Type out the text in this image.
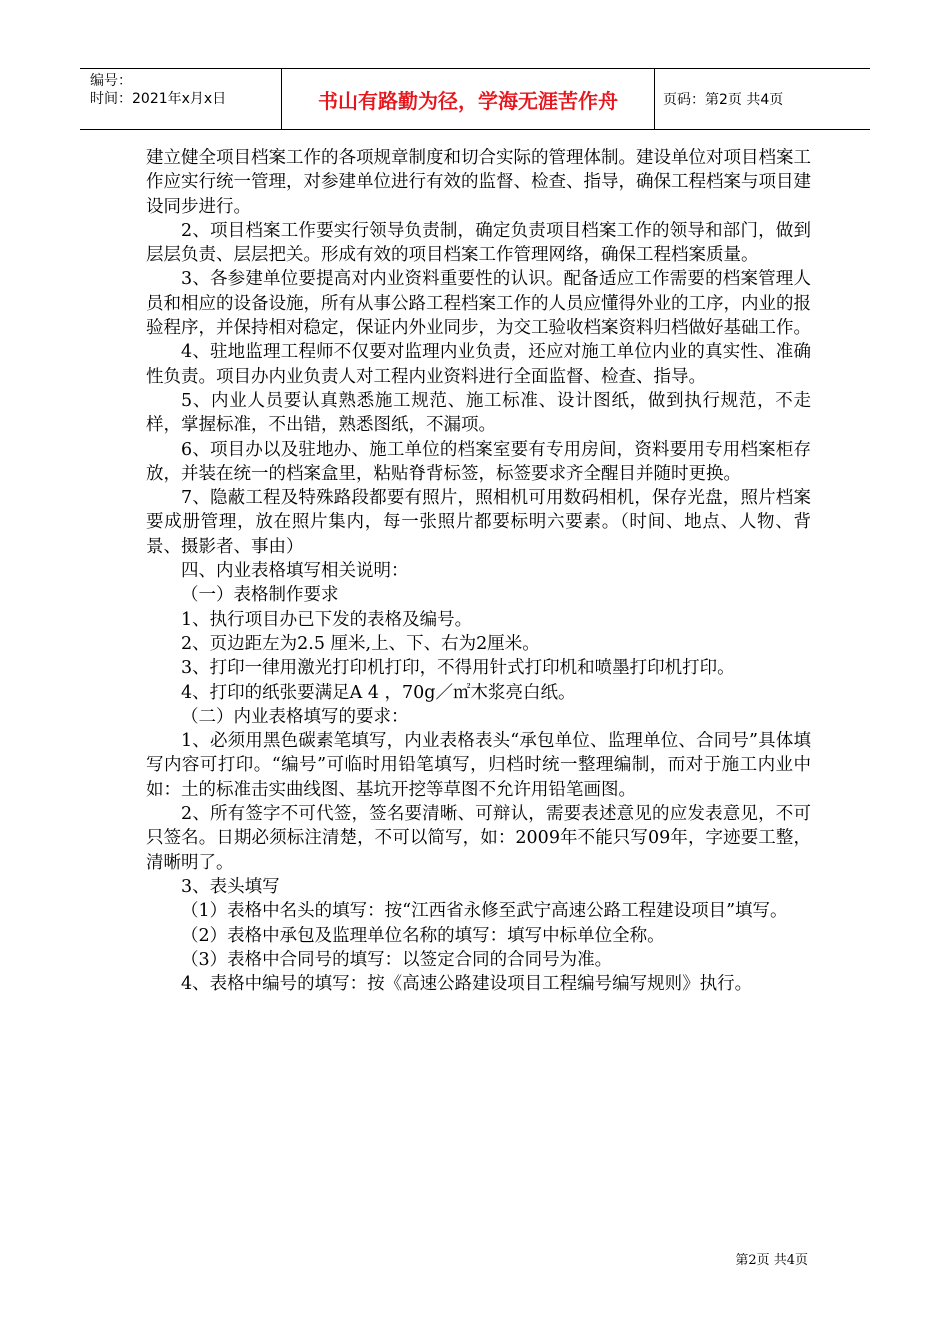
编号：
时间：2021年x月x日	书山有路勤为径，学海无涯苦作舟	页码：第2页 共4页

建立健全项目档案工作的各项规章制度和切合实际的管理体制。建设单位对项目档案工作应实行统一管理，对参建单位进行有效的监督、检查、指导，确保工程档案与项目建设同步进行。

2、项目档案工作要实行领导负责制，确定负责项目档案工作的领导和部门，做到层层负责、层层把关。形成有效的项目档案工作管理网络，确保工程档案质量。

3、各参建单位要提高对内业资料重要性的认识。配备适应工作需要的档案管理人员和相应的设备设施，所有从事公路工程档案工作的人员应懂得外业的工序，内业的报验程序，并保持相对稳定，保证内外业同步，为交工验收档案资料归档做好基础工作。

4、驻地监理工程师不仅要对监理内业负责，还应对施工单位内业的真实性、准确性负责。项目办内业负责人对工程内业资料进行全面监督、检查、指导。

5、内业人员要认真熟悉施工规范、施工标准、设计图纸，做到执行规范，不走样，掌握标准，不出错，熟悉图纸，不漏项。

6、项目办以及驻地办、施工单位的档案室要有专用房间，资料要用专用档案柜存放，并装在统一的档案盒里，粘贴脊背标签，标签要求齐全醒目并随时更换。

7、隐蔽工程及特殊路段都要有照片，照相机可用数码相机，保存光盘，照片档案要成册管理，放在照片集内，每一张照片都要标明六要素。（时间、地点、人物、背景、摄影者、事由）

四、内业表格填写相关说明：

（一）表格制作要求

1、执行项目办已下发的表格及编号。

2、页边距左为2.5 厘米,上、下、右为2厘米。

3、打印一律用激光打印机打印，不得用针式打印机和喷墨打印机打印。

4、打印的纸张要满足A 4 ，70g／㎡木浆亮白纸。

（二）内业表格填写的要求：

1、必须用黑色碳素笔填写，内业表格表头“承包单位、监理单位、合同号”具体填写内容可打印。“编号”可临时用铅笔填写，归档时统一整理编制，而对于施工内业中如：土的标准击实曲线图、基坑开挖等草图不允许用铅笔画图。

2、所有签字不可代签，签名要清晰、可辩认，需要表述意见的应发表意见，不可只签名。日期必须标注清楚，不可以简写，如：2009年不能只写09年，字迹要工整，清晰明了。

3、表头填写

（1）表格中名头的填写：按“江西省永修至武宁高速公路工程建设项目”填写。

（2）表格中承包及监理单位名称的填写：填写中标单位全称。

（3）表格中合同号的填写：以签定合同的合同号为准。

4、表格中编号的填写：按《高速公路建设项目工程编号编写规则》执行。

第2页 共4页
